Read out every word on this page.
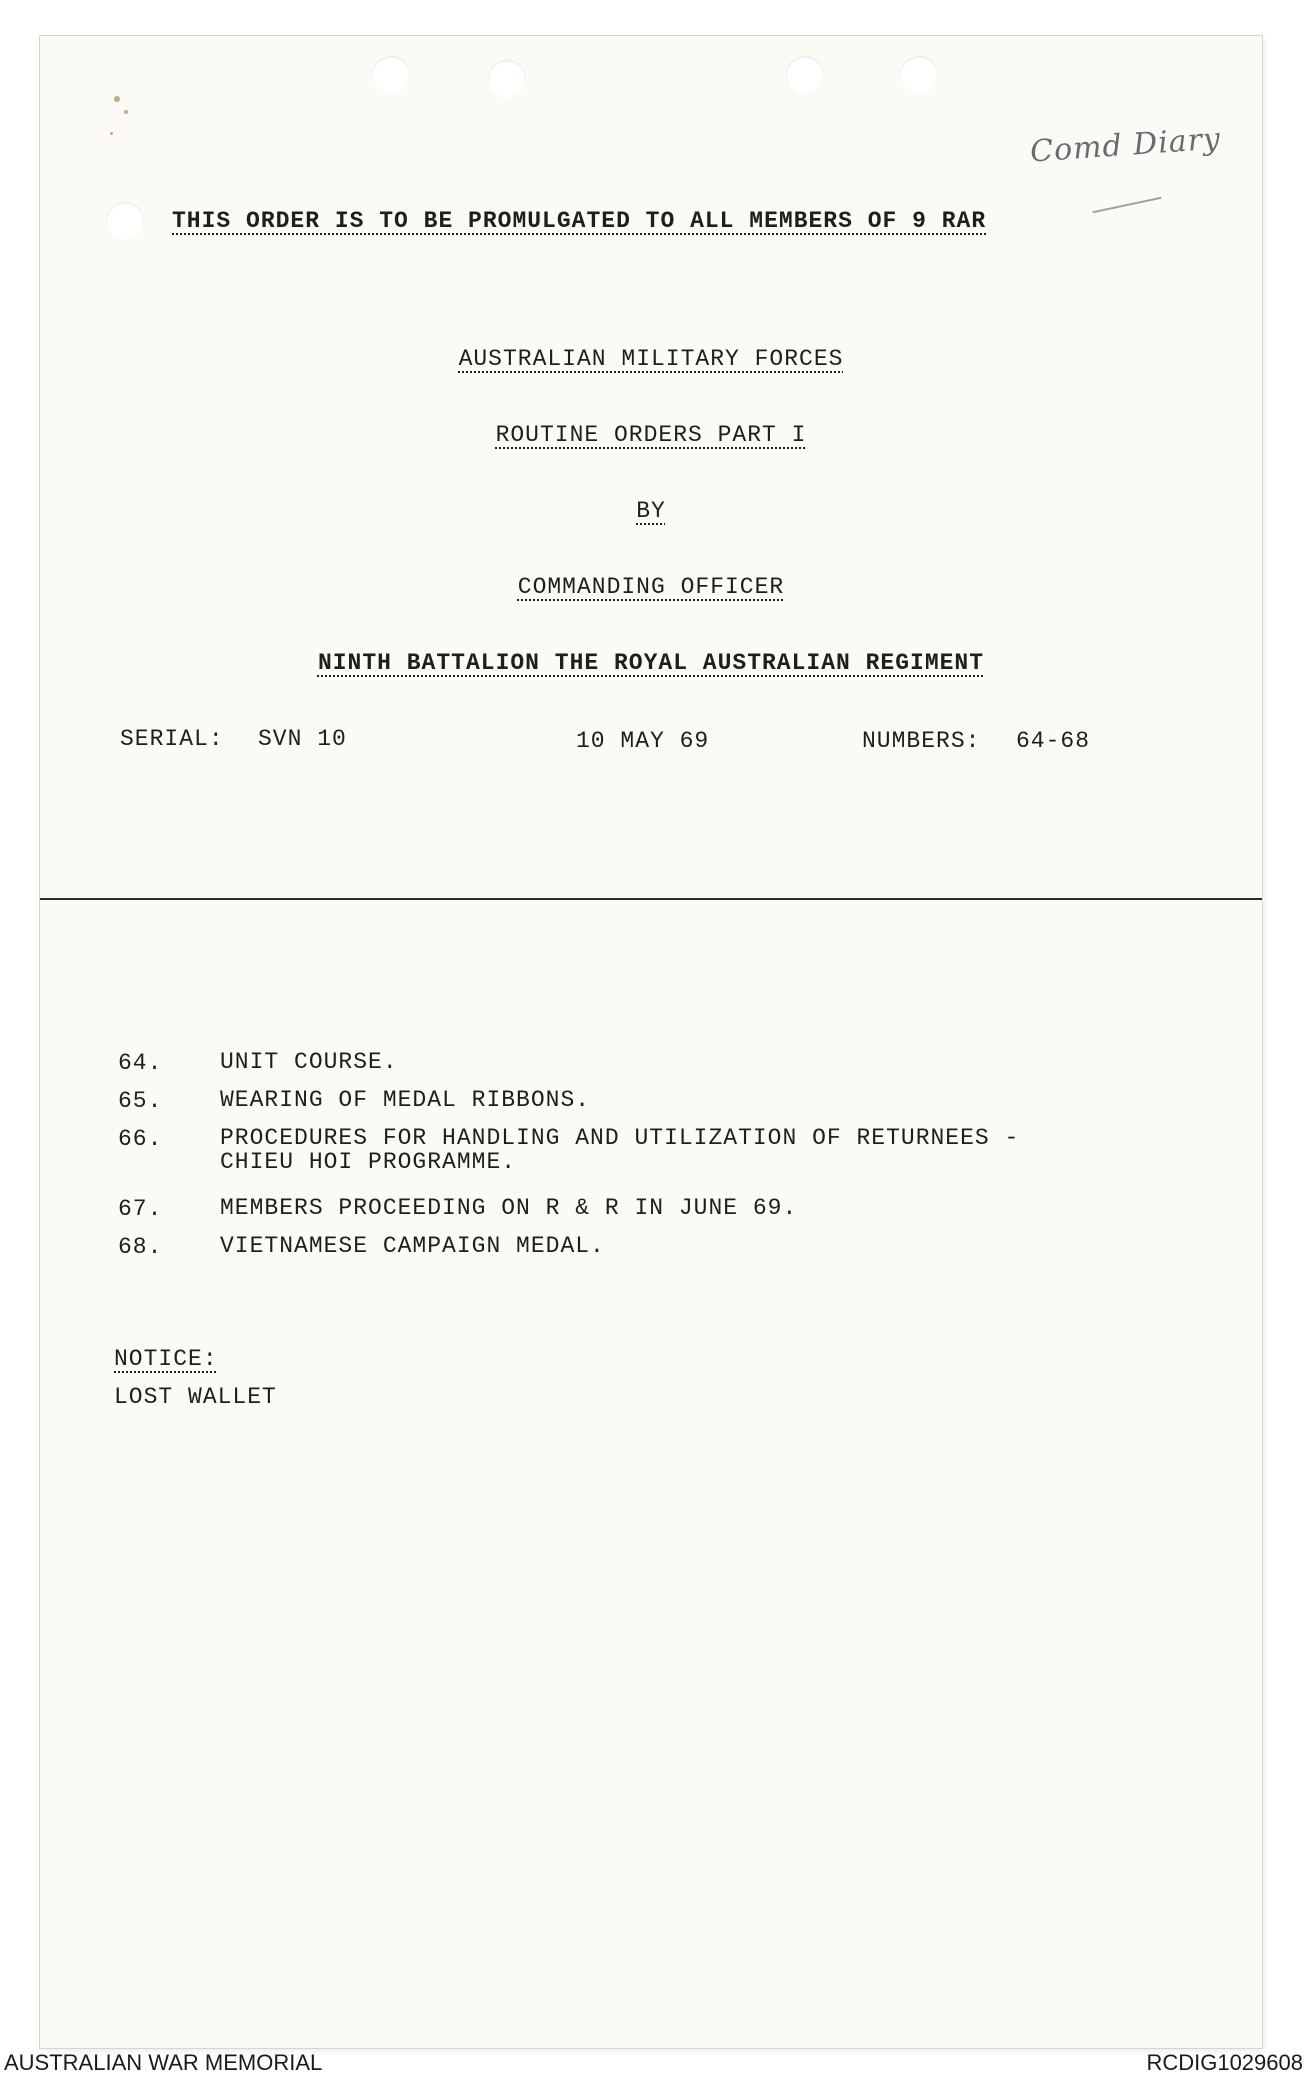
Comd Diary
THIS ORDER IS TO BE PROMULGATED TO ALL MEMBERS OF 9 RAR
AUSTRALIAN MILITARY FORCES
ROUTINE ORDERS PART I
BY
COMMANDING OFFICER
NINTH BATTALION THE ROYAL AUSTRALIAN REGIMENT
SERIAL: SVN 10	10 MAY 69	NUMBERS: 64-68
64.	UNIT COURSE.
65.	WEARING OF MEDAL RIBBONS.
66.	PROCEDURES FOR HANDLING AND UTILIZATION OF RETURNEES -
CHIEU HOI PROGRAMME.
67.	MEMBERS PROCEEDING ON R & R IN JUNE 69.
68.	VIETNAMESE CAMPAIGN MEDAL.
NOTICE:
LOST WALLET
AUSTRALIAN WAR MEMORIAL	RCDIG1029608
